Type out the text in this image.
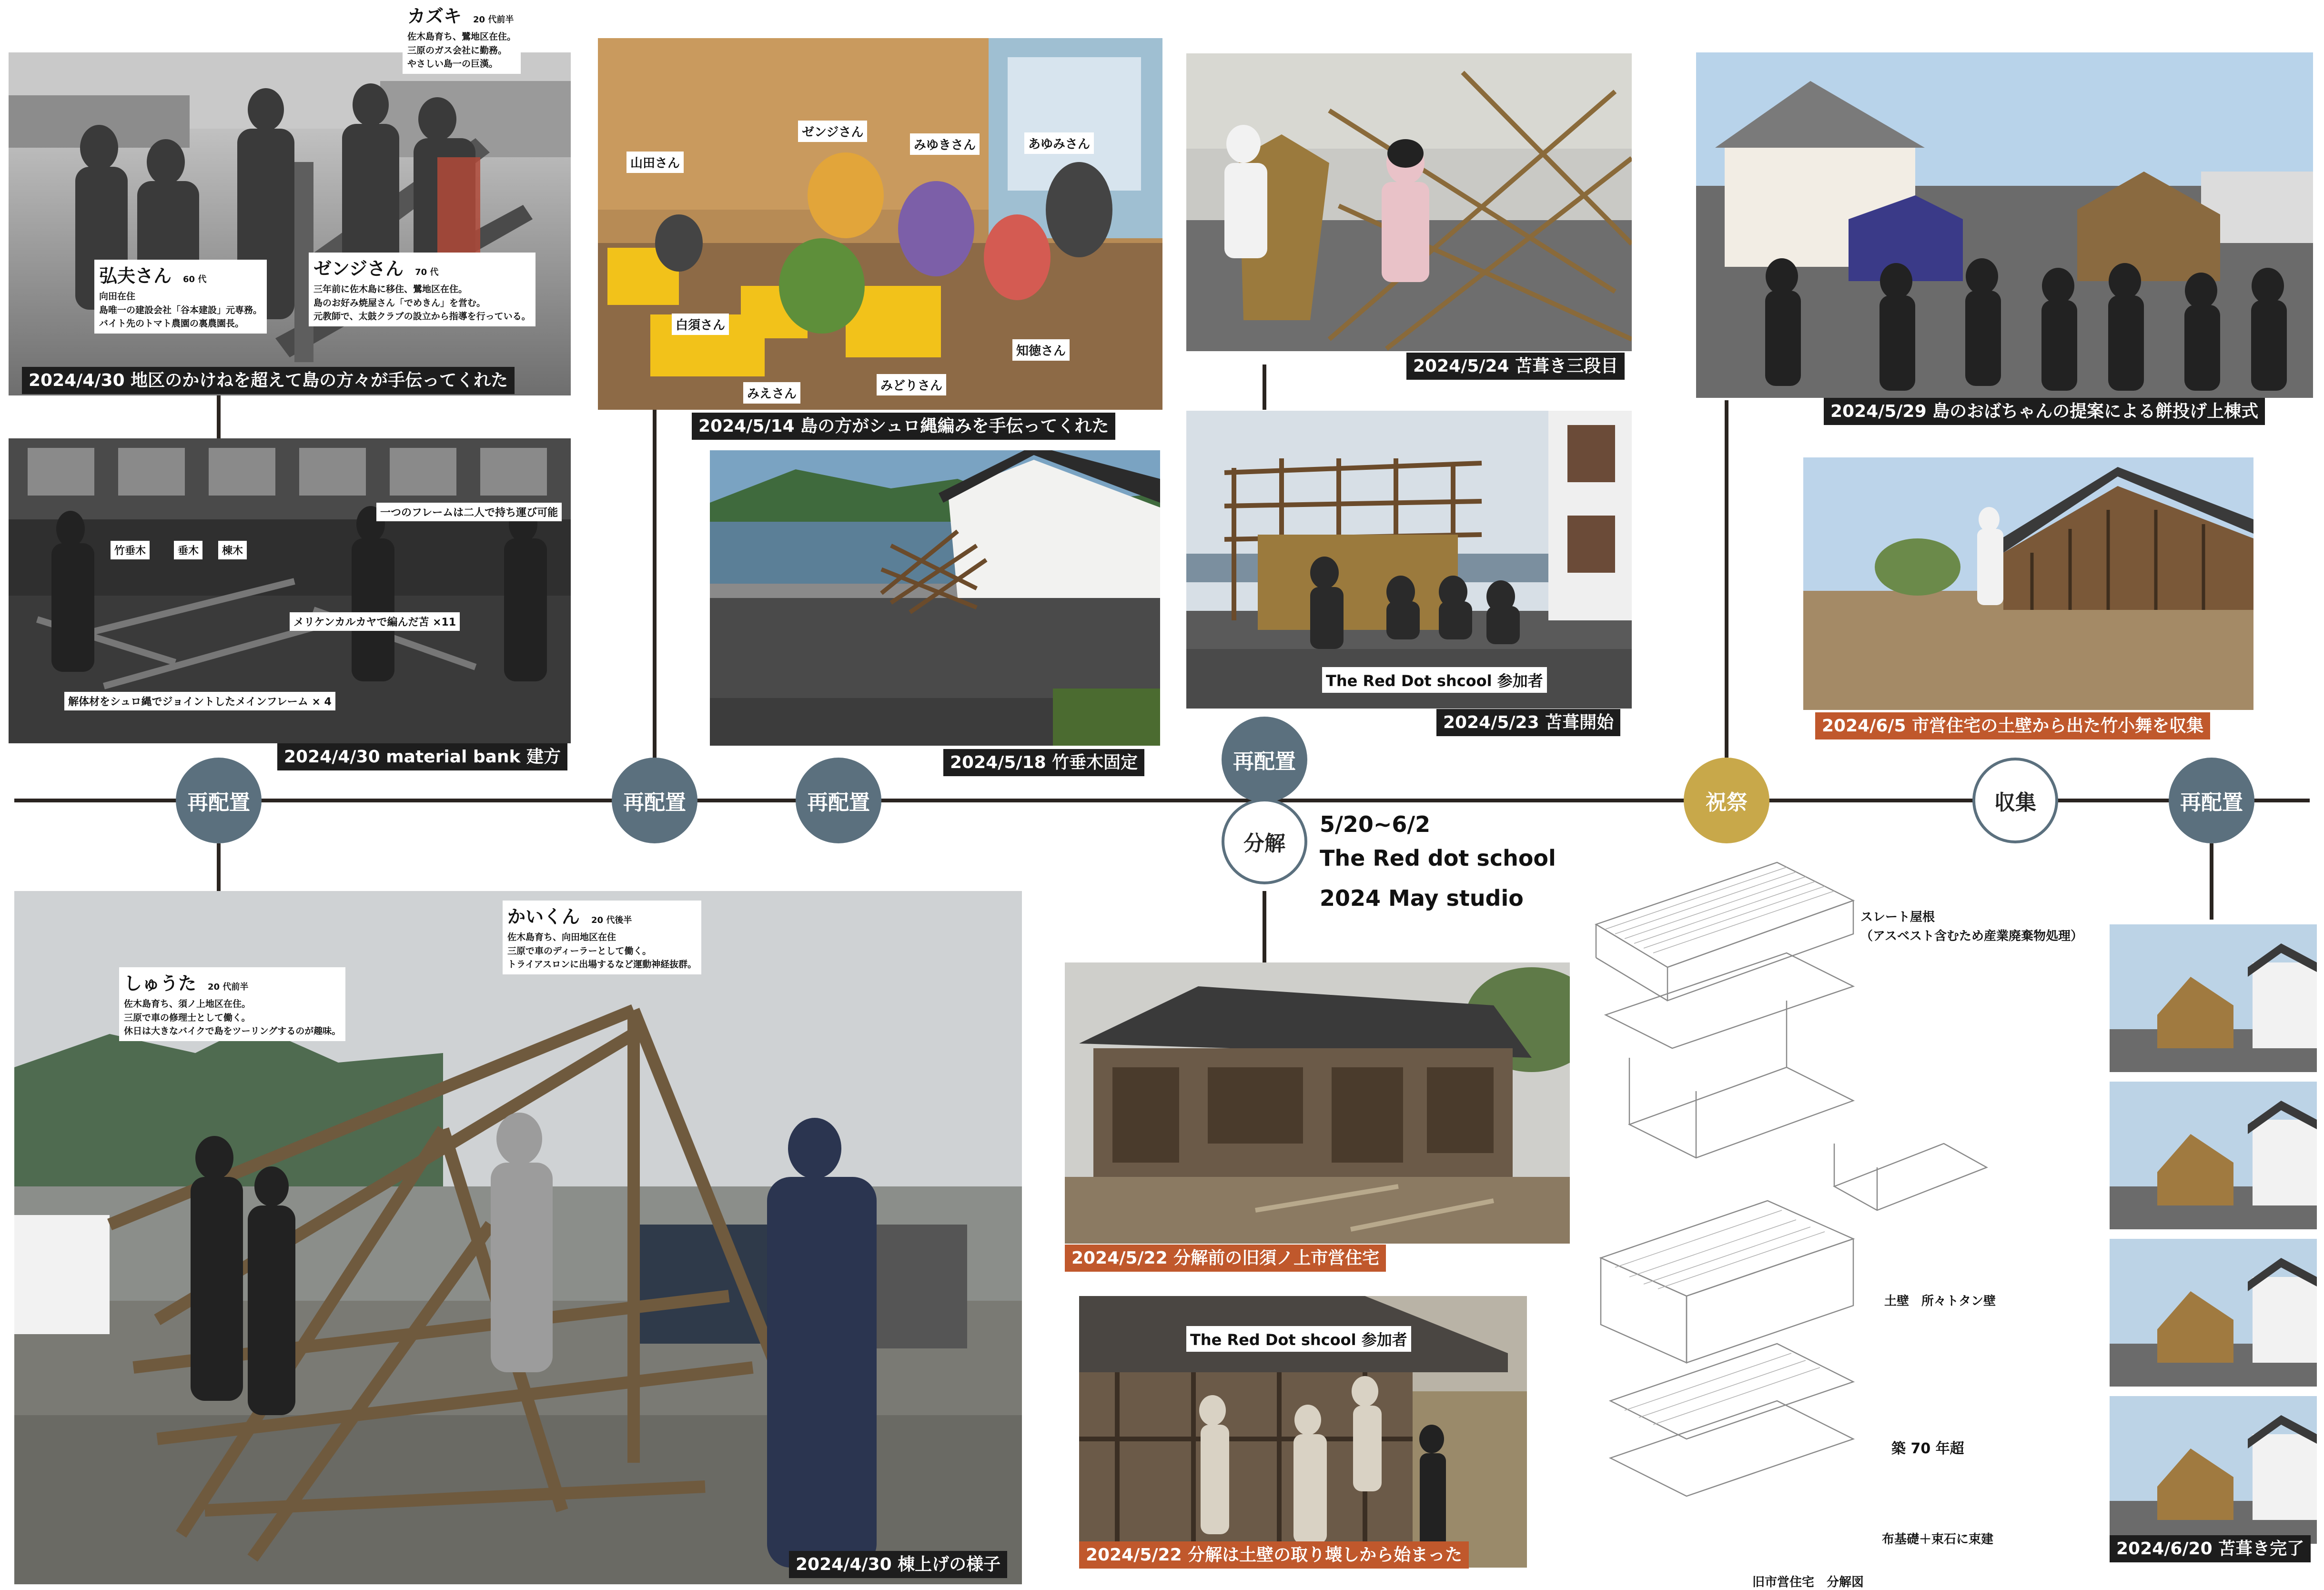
再配置	再配置	再配置
再配置
分解
祝祭	収集	再配置
5/20~6/2
The Red dot school
2024 May studio
2024/4/30 地区のかけねを超えて島の方々が手伝ってくれた
カズキ 20 代前半
佐木島育ち、鷺地区在住。
三原のガス会社に勤務。
やさしい島一の巨漢。
弘夫さん 60 代
向田在住
島唯一の建設会社「谷本建設」元専務。
バイト先のトマト農園の裏農園長。
ゼンジさん 70 代
三年前に佐木島に移住、鷺地区在住。
島のお好み焼屋さん「でめきん」を営む。
元教師で、太鼓クラブの設立から指導を行っている。
一つのフレームは二人で持ち運び可能
竹垂木	垂木	棟木
メリケンカルカヤで編んだ苫 ×11
解体材をシュロ縄でジョイントしたメインフレーム × 4
2024/4/30 material bank 建方
山田さん
ゼンジさん
みゆきさん	あゆみさん
白須さん
みえさん
みどりさん
知徳さん
2024/5/14 島の方がシュロ縄編みを手伝ってくれた
2024/5/18 竹垂木固定
2024/5/24 苫葺き三段目
The Red Dot shcool 参加者
2024/5/23 苫葺開始
2024/5/29 島のおばちゃんの提案による餅投げ上棟式
2024/6/5 市営住宅の土壁から出た竹小舞を収集
しゅうた 20 代前半
佐木島育ち、須ノ上地区在住。
三原で車の修理士として働く。
休日は大きなバイクで島をツーリングするのが趣味。
かいくん 20 代後半
佐木島育ち、向田地区在住
三原で車のディーラーとして働く。
トライアスロンに出場するなど運動神経抜群。
2024/4/30 棟上げの様子
2024/5/22 分解前の旧須ノ上市営住宅
The Red Dot shcool 参加者
2024/5/22 分解は土壁の取り壊しから始まった	2024/6/20 苫葺き完了
スレート屋根
（アスベスト含むため産業廃棄物処理）
土壁　所々トタン壁
築 70 年超
布基礎＋束石に束建
旧市営住宅　分解図
